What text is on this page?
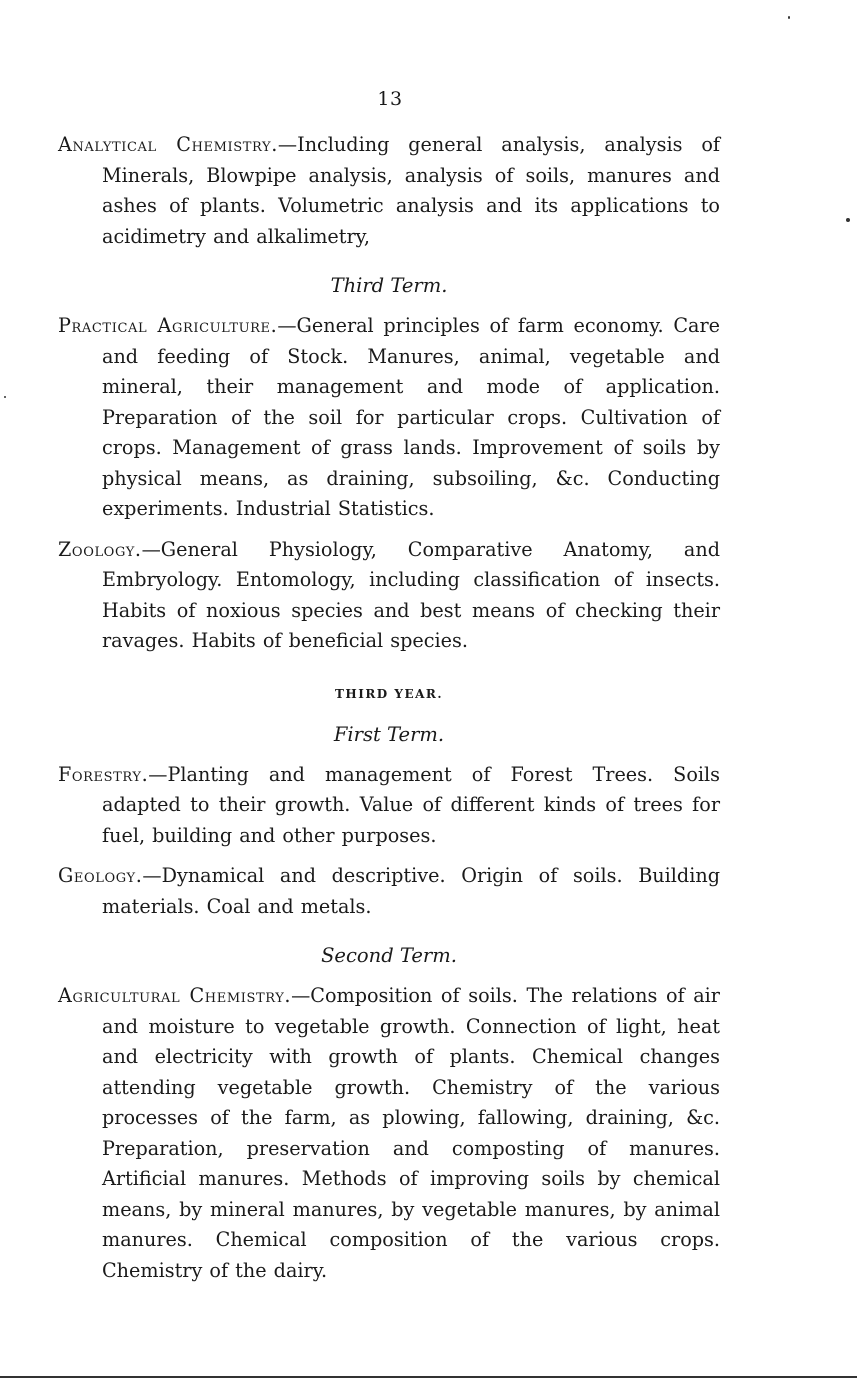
13

Analytical Chemistry.—Including general analysis, analysis of Minerals, Blowpipe analysis, analysis of soils, manures and ashes of plants. Volumetric analysis and its applications to acidimetry and alkalimetry,

Third Term.

Practical Agriculture.—General principles of farm economy. Care and feeding of Stock. Manures, animal, vegetable and mineral, their management and mode of application. Preparation of the soil for particular crops. Cultivation of crops. Management of grass lands. Improvement of soils by physical means, as draining, subsoiling, &c. Conducting experiments. Industrial Statistics.

Zoology.—General Physiology, Comparative Anatomy, and Embryology. Entomology, including classification of insects. Habits of noxious species and best means of checking their ravages. Habits of beneficial species.

THIRD YEAR.
First Term.

Forestry.—Planting and management of Forest Trees. Soils adapted to their growth. Value of different kinds of trees for fuel, building and other purposes.

Geology.—Dynamical and descriptive. Origin of soils. Building materials. Coal and metals.

Second Term.

Agricultural Chemistry.—Composition of soils. The relations of air and moisture to vegetable growth. Connection of light, heat and electricity with growth of plants. Chemical changes attending vegetable growth. Chemistry of the various processes of the farm, as plowing, fallowing, draining, &c. Preparation, preservation and composting of manures. Artificial manures. Methods of improving soils by chemical means, by mineral manures, by vegetable manures, by animal manures. Chemical composition of the various crops. Chemistry of the dairy.
